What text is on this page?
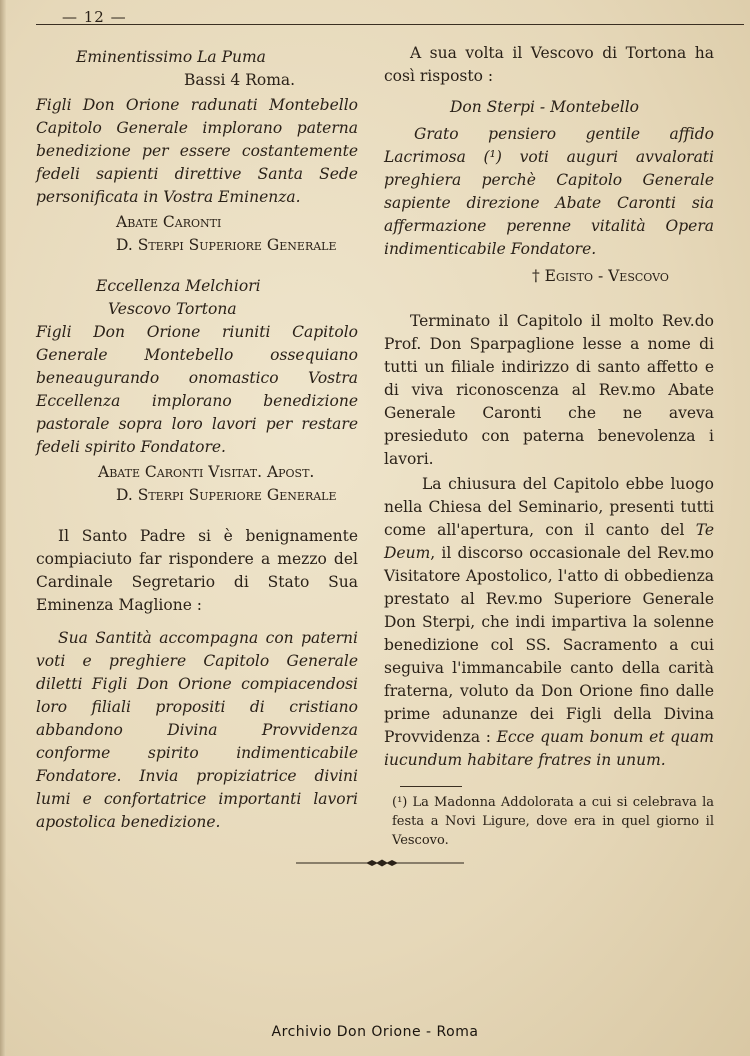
— 12 —

Eminentissimo La Puma

Bassi 4 Roma.

Figli Don Orione radunati Montebello Capitolo Generale implorano paterna benedizione per essere costantemente fedeli sapienti direttive Santa Sede personificata in Vostra Eminenza.

Abate Caronti

D. Sterpi Superiore Generale

Eccellenza Melchiori

Vescovo Tortona

Figli Don Orione riuniti Capitolo Generale Montebello ossequiano beneaugurando onomastico Vostra Eccellenza implorano benedizione pastorale sopra loro lavori per restare fedeli spirito Fondatore.

Abate Caronti Visitat. Apost.

D. Sterpi Superiore Generale

Il Santo Padre si è benignamente compiaciuto far rispondere a mezzo del Cardinale Segretario di Stato Sua Eminenza Maglione :

Sua Santità accompagna con paterni voti e preghiere Capitolo Generale diletti Figli Don Orione compiacendosi loro filiali propositi di cristiano abbandono Divina Provvidenza conforme spirito indimenticabile Fondatore. Invia propiziatrice divini lumi e confortatrice importanti lavori apostolica benedizione.

A sua volta il Vescovo di Tortona ha così risposto :

Don Sterpi - Montebello

Grato pensiero gentile affido Lacrimosa (¹) voti auguri avvalorati preghiera perchè Capitolo Generale sapiente direzione Abate Caronti sia affermazione perenne vitalità Opera indimenticabile Fondatore.

† Egisto - Vescovo

Terminato il Capitolo il molto Rev.do Prof. Don Sparpaglione lesse a nome di tutti un filiale indirizzo di santo affetto e di viva riconoscenza al Rev.mo Abate Generale Caronti che ne aveva presieduto con paterna benevolenza i lavori.

La chiusura del Capitolo ebbe luogo nella Chiesa del Seminario, presenti tutti come all'apertura, con il canto del Te Deum, il discorso occasionale del Rev.mo Visitatore Apostolico, l'atto di obbedienza prestato al Rev.mo Superiore Generale Don Sterpi, che indi impartiva la solenne benedizione col SS. Sacramento a cui seguiva l'immancabile canto della carità fraterna, voluto da Don Orione fino dalle prime adunanze dei Figli della Divina Provvidenza : Ecce quam bonum et quam iucundum habitare fratres in unum.

(¹) La Madonna Addolorata a cui si celebrava la festa a Novi Ligure, dove era in quel giorno il Vescovo.

Archivio Don Orione - Roma
